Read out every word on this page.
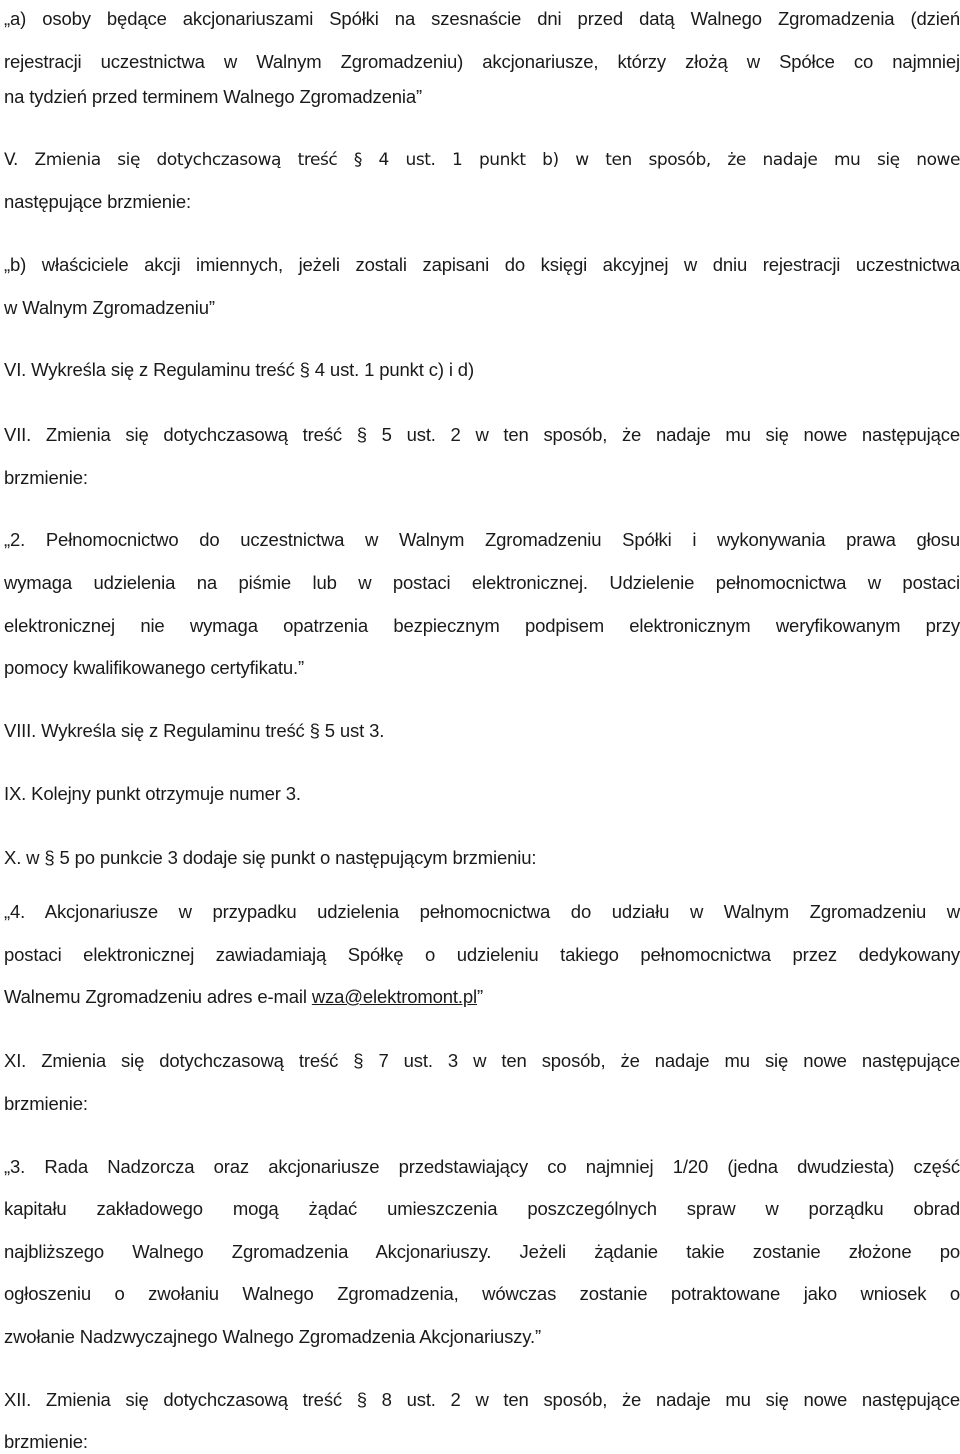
„a) osoby będące akcjonariuszami Spółki na szesnaście dni przed datą Walnego Zgromadzenia (dzień
rejestracji uczestnictwa w Walnym Zgromadzeniu) akcjonariusze, którzy złożą w Spółce co najmniej
na tydzień przed terminem Walnego Zgromadzenia”
V. Zmienia się dotychczasową treść § 4 ust. 1 punkt b) w ten sposób, że nadaje mu się nowe
następujące brzmienie:
„b) właściciele akcji imiennych, jeżeli zostali zapisani do księgi akcyjnej w dniu rejestracji uczestnictwa
w Walnym Zgromadzeniu”
VI. Wykreśla się z Regulaminu treść § 4 ust. 1 punkt c) i d)
VII. Zmienia się dotychczasową treść § 5 ust. 2 w ten sposób, że nadaje mu się nowe następujące
brzmienie:
„2. Pełnomocnictwo do uczestnictwa w Walnym Zgromadzeniu Spółki i wykonywania prawa głosu
wymaga udzielenia na piśmie lub w postaci elektronicznej. Udzielenie pełnomocnictwa w postaci
elektronicznej nie wymaga opatrzenia bezpiecznym podpisem elektronicznym weryfikowanym przy
pomocy kwalifikowanego certyfikatu.”
VIII. Wykreśla się z Regulaminu treść § 5 ust 3.
IX. Kolejny punkt otrzymuje numer 3.
X. w § 5 po punkcie 3 dodaje się punkt o następującym brzmieniu:
„4. Akcjonariusze w przypadku udzielenia pełnomocnictwa do udziału w Walnym Zgromadzeniu w
postaci elektronicznej zawiadamiają Spółkę o udzieleniu takiego pełnomocnictwa przez dedykowany
Walnemu Zgromadzeniu adres e-mail wza@elektromont.pl”
XI. Zmienia się dotychczasową treść § 7 ust. 3 w ten sposób, że nadaje mu się nowe następujące
brzmienie:
„3. Rada Nadzorcza oraz akcjonariusze przedstawiający co najmniej 1/20 (jedna dwudziesta) część
kapitału zakładowego mogą żądać umieszczenia poszczególnych spraw w porządku obrad
najbliższego Walnego Zgromadzenia Akcjonariuszy. Jeżeli żądanie takie zostanie złożone po
ogłoszeniu o zwołaniu Walnego Zgromadzenia, wówczas zostanie potraktowane jako wniosek o
zwołanie Nadzwyczajnego Walnego Zgromadzenia Akcjonariuszy.”
XII. Zmienia się dotychczasową treść § 8 ust. 2 w ten sposób, że nadaje mu się nowe następujące
brzmienie:
